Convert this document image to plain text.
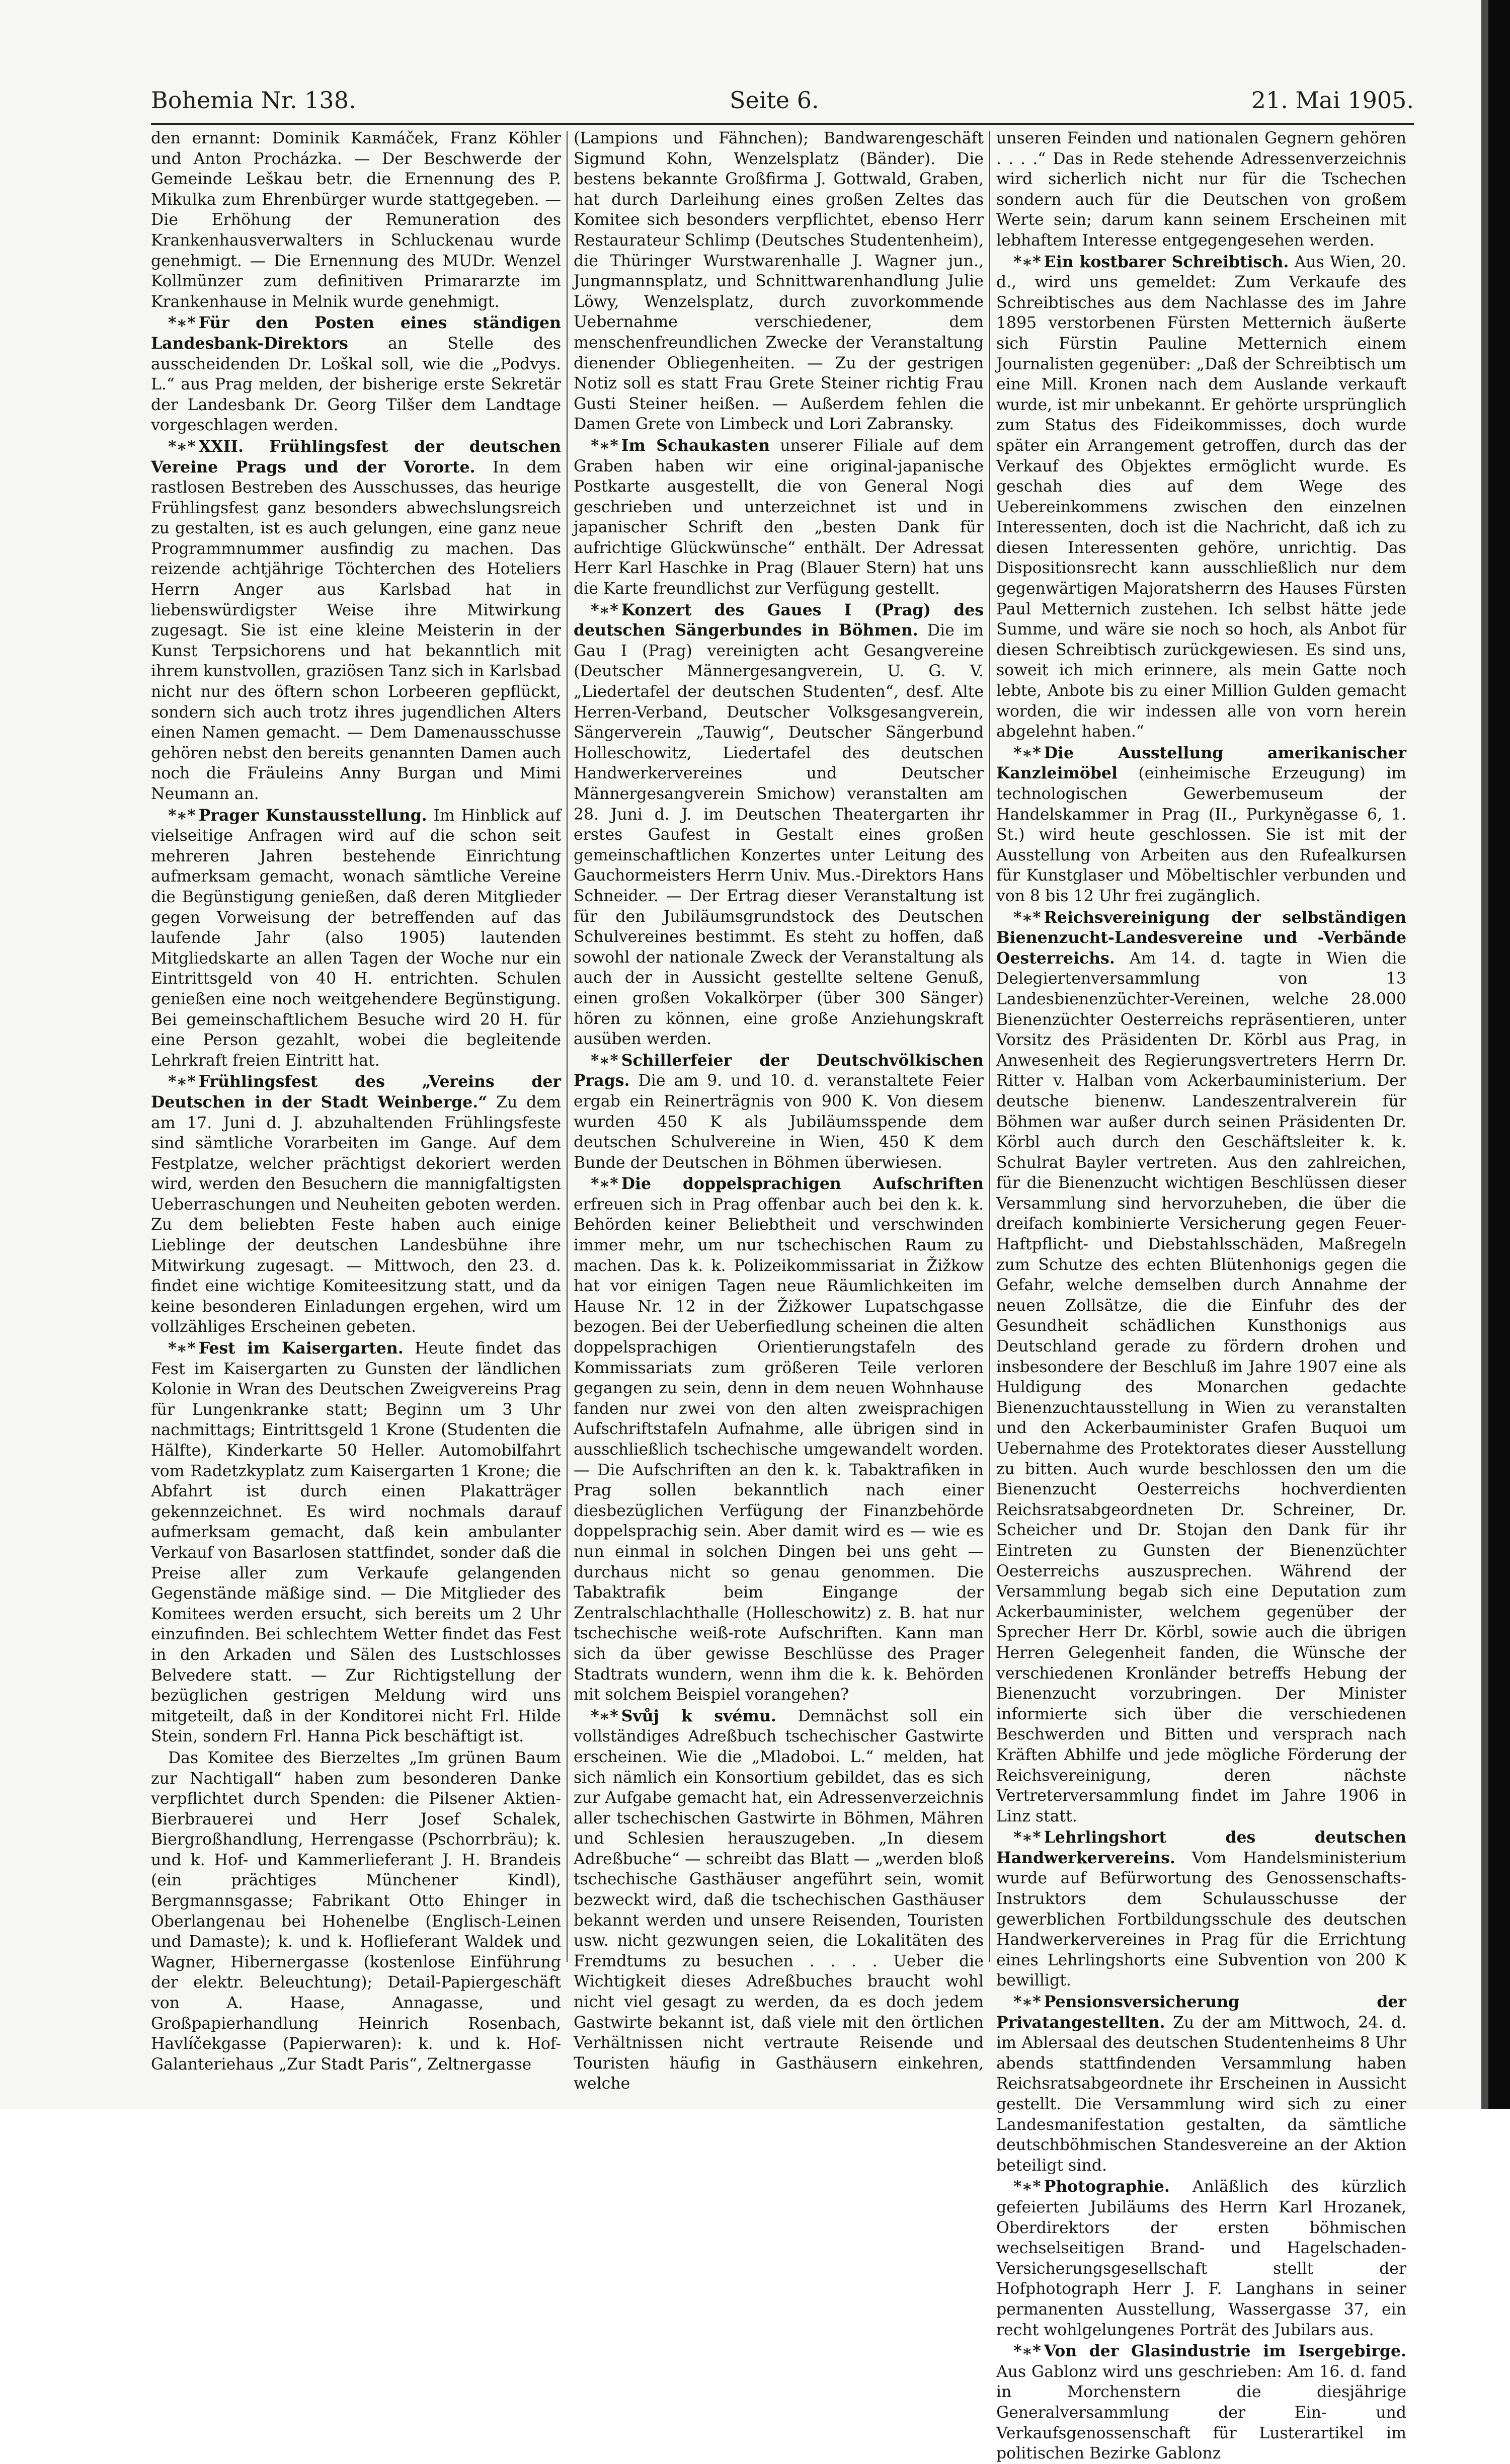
Bohemia Nr. 138.	Seite 6.	21. Mai 1905.

den ernannt: Dominik Kaʀmáček, Franz Köhler und Anton Procházka. — Der Beschwerde der Gemeinde Leškau betr. die Ernennung des P. Mikulka zum Ehrenbürger wurde stattgegeben. — Die Erhöhung der Remuneration des Krankenhausverwalters in Schluckenau wurde genehmigt. — Die Ernennung des MUDr. Wenzel Kollmünzer zum definitiven Primararzte im Krankenhause in Melnik wurde genehmigt.

*∗* Für den Posten eines ständigen Landesbank-Direktors	an Stelle des ausscheidenden Dr. Loškal soll, wie die „Podvys. L.“ aus Prag melden, der bisherige erste Sekretär der Landesbank Dr. Georg Tilšer dem Landtage vorgeschlagen werden.

*∗* XXII. Frühlingsfest der deutschen Vereine Prags und der Vororte. In dem rastlosen Bestreben des Ausschusses, das heurige Frühlingsfest ganz besonders abwechslungsreich zu gestalten, ist es auch gelungen, eine ganz neue Programmnummer ausfindig zu machen. Das reizende achtjährige Töchterchen des Hoteliers Herrn Anger aus Karlsbad hat in liebenswürdigster Weise ihre Mitwirkung zugesagt. Sie ist eine kleine Meisterin in der Kunst Terpsichorens und hat bekanntlich mit ihrem kunstvollen, graziösen Tanz sich in Karlsbad nicht nur des öftern schon Lorbeeren gepflückt, sondern sich auch trotz ihres jugendlichen Alters einen Namen gemacht. — Dem Damenausschusse gehören nebst den bereits genannten Damen auch noch die Fräuleins Anny Burgan und Mimi Neumann an.

*∗* Prager Kunstausstellung. Im Hinblick auf vielseitige Anfragen wird auf die schon seit mehreren Jahren bestehende Einrichtung aufmerksam gemacht, wonach sämtliche Vereine die Begünstigung genießen, daß deren Mitglieder gegen Vorweisung der betreffenden auf das laufende Jahr (also 1905) lautenden Mitgliedskarte an allen Tagen der Woche nur ein Eintrittsgeld von 40 H. entrichten. Schulen genießen eine noch weitgehendere Begünstigung. Bei gemeinschaftlichem Besuche wird 20 H. für eine Person gezahlt, wobei die begleitende Lehrkraft freien Eintritt hat.

*∗* Frühlingsfest des „Vereins der Deutschen in der Stadt Weinberge.“ Zu dem am 17. Juni d. J. abzuhaltenden Frühlingsfeste sind sämtliche Vorarbeiten im Gange. Auf dem Festplatze, welcher prächtigst dekoriert werden wird, werden den Besuchern die mannigfaltigsten Ueberraschungen und Neuheiten geboten werden. Zu dem beliebten Feste haben auch einige Lieblinge der deutschen Landesbühne ihre Mitwirkung zugesagt. — Mittwoch, den 23. d. findet eine wichtige Komiteesitzung statt, und da keine besonderen Einladungen ergehen, wird um vollzähliges Erscheinen gebeten.

*∗* Fest im Kaisergarten. Heute findet das Fest im Kaisergarten zu Gunsten der ländlichen Kolonie in Wran des Deutschen Zweigvereins Prag für Lungenkranke statt; Beginn um 3 Uhr nachmittags; Eintrittsgeld 1 Krone (Studenten die Hälfte), Kinderkarte 50 Heller. Automobilfahrt vom Radetzkyplatz zum Kaisergarten 1 Krone; die Abfahrt ist durch einen Plakatträger gekennzeichnet. Es wird nochmals darauf aufmerksam gemacht, daß kein ambulanter Verkauf von Basarlosen stattfindet, sonder daß die Preise aller zum Verkaufe gelangenden Gegenstände mäßige sind. — Die Mitglieder des Komitees werden ersucht, sich bereits um 2 Uhr einzufinden. Bei schlechtem Wetter findet das Fest in den Arkaden und Sälen des Lustschlosses Belvedere statt. — Zur Richtigstellung der bezüglichen gestrigen Meldung wird uns mitgeteilt, daß in der Konditorei nicht Frl. Hilde Stein, sondern Frl. Hanna Pick beschäftigt ist.

Das Komitee des Bierzeltes „Im grünen Baum zur Nachtigall“ haben zum besonderen Danke verpflichtet durch Spenden: die Pilsener Aktien-Bierbrauerei und Herr Josef Schalek, Biergroßhandlung, Herrengasse (Pschorrbräu); k. und k. Hof- und Kammerlieferant J. H. Brandeis (ein prächtiges Münchener Kindl), Bergmannsgasse; Fabrikant Otto Ehinger in Oberlangenau bei Hohenelbe (Englisch-Leinen und Damaste); k. und k. Hoflieferant Waldek und Wagner, Hibernergasse (kostenlose Einführung der elektr. Beleuchtung); Detail-Papiergeschäft von A. Haase, Annagasse, und Großpapierhandlung Heinrich Rosenbach, Havlíčekgasse (Papierwaren): k. und k. Hof-Galanteriehaus „Zur Stadt Paris“, Zeltnergasse

(Lampions und Fähnchen); Bandwarengeschäft Sigmund Kohn, Wenzelsplatz (Bänder). Die bestens bekannte Großfirma J. Gottwald, Graben, hat durch Darleihung eines großen Zeltes das Komitee sich besonders verpflichtet, ebenso Herr Restaurateur Schlimp (Deutsches Studentenheim), die Thüringer Wurstwarenhalle J. Wagner jun., Jungmannsplatz, und Schnittwarenhandlung Julie Löwy, Wenzelsplatz, durch zuvorkommende Uebernahme verschiedener, dem menschenfreundlichen Zwecke der Veranstaltung dienender Obliegenheiten. — Zu der gestrigen Notiz soll es statt Frau Grete Steiner richtig Frau Gusti Steiner heißen. — Außerdem fehlen die Damen Grete von Limbeck und Lori Zabransky.

*∗* Im Schaukasten unserer Filiale auf dem Graben haben wir eine original-japanische Postkarte ausgestellt, die von General Nogi geschrieben und unterzeichnet ist und in japanischer Schrift den „besten Dank für aufrichtige Glückwünsche“ enthält. Der Adressat Herr Karl Haschke in Prag (Blauer Stern) hat uns die Karte freundlichst zur Verfügung gestellt.

*∗* Konzert des Gaues I (Prag) des deutschen Sängerbundes in Böhmen. Die im Gau I (Prag) vereinigten acht Gesangvereine (Deutscher Männergesangverein, U. G. V. „Liedertafel der deutschen Studenten“, desf. Alte Herren-Verband, Deutscher Volksgesangverein, Sängerverein „Tauwig“, Deutscher Sängerbund Holleschowitz, Liedertafel des deutschen Handwerkervereines und Deutscher Männergesangverein Smichow) veranstalten am 28. Juni d. J. im Deutschen Theatergarten ihr erstes Gaufest in Gestalt eines großen gemeinschaftlichen Konzertes unter Leitung des Gauchormeisters Herrn Univ. Mus.-Direktors Hans Schneider. — Der Ertrag dieser Veranstaltung ist für den Jubiläumsgrundstock des Deutschen Schulvereines bestimmt. Es steht zu hoffen, daß sowohl der nationale Zweck der Veranstaltung als auch der in Aussicht gestellte seltene Genuß, einen großen Vokalkörper (über 300 Sänger) hören zu können, eine große Anziehungskraft ausüben werden.

*∗* Schillerfeier der Deutschvölkischen Prags. Die am 9. und 10. d. veranstaltete Feier ergab ein Reinerträgnis von 900 K. Von diesem wurden 450 K als Jubiläumsspende dem deutschen Schulvereine in Wien, 450 K dem Bunde der Deutschen in Böhmen überwiesen.

*∗* Die doppelsprachigen Aufschriften erfreuen sich in Prag offenbar auch bei den k. k. Behörden keiner Beliebtheit und verschwinden immer mehr, um nur tschechischen Raum zu machen. Das k. k. Polizeikommissariat in Žižkow hat vor einigen Tagen neue Räumlichkeiten im Hause Nr. 12 in der Žižkower Lupatschgasse bezogen. Bei der Ueberfiedlung scheinen die alten doppelsprachigen Orientierungstafeln des Kommissariats zum größeren Teile verloren gegangen zu sein, denn in dem neuen Wohnhause fanden nur zwei von den alten zweisprachigen Aufschriftstafeln Aufnahme, alle übrigen sind in ausschließlich tschechische umgewandelt worden. — Die Aufschriften an den k. k. Tabaktrafiken in Prag sollen bekanntlich nach einer diesbezüglichen Verfügung der Finanzbehörde doppelsprachig sein. Aber damit wird es — wie es nun einmal in solchen Dingen bei uns geht — durchaus nicht so genau genommen. Die Tabaktrafik beim Eingange der Zentralschlachthalle (Holleschowitz) z. B. hat nur tschechische weiß-rote Aufschriften. Kann man sich da über gewisse Beschlüsse des Prager Stadtrats wundern, wenn ihm die k. k. Behörden mit solchem Beispiel vorangehen?

*∗* Svůj k svému. Demnächst soll ein vollständiges Adreßbuch tschechischer Gastwirte erscheinen. Wie die „Mladoboi. L.“ melden, hat sich nämlich ein Konsortium gebildet, das es sich zur Aufgabe gemacht hat, ein Adressenverzeichnis aller tschechischen Gastwirte in Böhmen, Mähren und Schlesien herauszugeben. „In diesem Adreßbuche“ — schreibt das Blatt — „werden bloß tschechische Gasthäuser angeführt sein, womit bezweckt wird, daß die tschechischen Gasthäuser bekannt werden und unsere Reisenden, Touristen usw. nicht gezwungen seien, die Lokalitäten des Fremdtums zu besuchen . . . . Ueber die Wichtigkeit dieses Adreßbuches braucht wohl nicht viel gesagt zu werden, da es doch jedem Gastwirte bekannt ist, daß viele mit den örtlichen Verhältnissen nicht vertraute Reisende und Touristen häufig in Gasthäusern einkehren, welche

unseren Feinden und nationalen Gegnern gehören . . . .“ Das in Rede stehende Adressenverzeichnis wird sicherlich nicht nur für die Tschechen sondern auch für die Deutschen von großem Werte sein; darum kann seinem Erscheinen mit lebhaftem Interesse entgegengesehen werden.

*∗* Ein kostbarer Schreibtisch. Aus Wien, 20. d., wird uns gemeldet: Zum Verkaufe des Schreibtisches aus dem Nachlasse des im Jahre 1895 verstorbenen Fürsten Metternich äußerte sich Fürstin Pauline Metternich einem Journalisten gegenüber: „Daß der Schreibtisch um eine Mill. Kronen nach dem Auslande verkauft wurde, ist mir unbekannt. Er gehörte ursprünglich zum Status des Fideikommisses, doch wurde später ein Arrangement getroffen, durch das der Verkauf des Objektes ermöglicht wurde. Es geschah dies auf dem Wege des Uebereinkommens zwischen den einzelnen Interessenten, doch ist die Nachricht, daß ich zu diesen Interessenten gehöre, unrichtig. Das Dispositionsrecht kann ausschließlich nur dem gegenwärtigen Majoratsherrn des Hauses Fürsten Paul Metternich zustehen. Ich selbst hätte jede Summe, und wäre sie noch so hoch, als Anbot für diesen Schreibtisch zurückgewiesen. Es sind uns, soweit ich mich erinnere, als mein Gatte noch lebte, Anbote bis zu einer Million Gulden gemacht worden, die wir indessen alle von vorn herein abgelehnt haben.“

*∗* Die Ausstellung amerikanischer Kanzleimöbel (einheimische Erzeugung) im technologischen Gewerbemuseum der Handelskammer in Prag (II., Purkyněgasse 6, 1. St.) wird heute geschlossen. Sie ist mit der Ausstellung von Arbeiten aus den Rufealkursen für Kunstglaser und Möbeltischler verbunden und von 8 bis 12 Uhr frei zugänglich.

*∗* Reichsvereinigung der selbständigen Bienenzucht-Landesvereine und -Verbände Oesterreichs. Am 14. d. tagte in Wien die Delegiertenversammlung von 13 Landesbienenzüchter-Vereinen, welche 28.000 Bienenzüchter Oesterreichs repräsentieren, unter Vorsitz des Präsidenten Dr. Körbl aus Prag, in Anwesenheit des Regierungsvertreters Herrn Dr. Ritter v. Halban vom Ackerbauministerium. Der deutsche bienenw. Landeszentralverein für Böhmen war außer durch seinen Präsidenten Dr. Körbl auch durch den Geschäftsleiter k. k. Schulrat Bayler vertreten. Aus den zahlreichen, für die Bienenzucht wichtigen Beschlüssen dieser Versammlung sind hervorzuheben, die über die dreifach kombinierte Versicherung gegen Feuer-Haftpflicht- und Diebstahlsschäden, Maßregeln zum Schutze des echten Blütenhonigs gegen die Gefahr, welche demselben durch Annahme der neuen Zollsätze, die die Einfuhr des der Gesundheit schädlichen Kunsthonigs aus Deutschland gerade zu fördern drohen und insbesondere der Beschluß im Jahre 1907 eine als Huldigung des Monarchen gedachte Bienenzuchtausstellung in Wien zu veranstalten und den Ackerbauminister Grafen Buquoi um Uebernahme des Protektorates dieser Ausstellung zu bitten. Auch wurde beschlossen den um die Bienenzucht Oesterreichs hochverdienten Reichsratsabgeordneten Dr. Schreiner, Dr. Scheicher und Dr. Stojan den Dank für ihr Eintreten zu Gunsten der Bienenzüchter Oesterreichs auszusprechen. Während der Versammlung begab sich eine Deputation zum Ackerbauminister, welchem gegenüber der Sprecher Herr Dr. Körbl, sowie auch die übrigen Herren Gelegenheit fanden, die Wünsche der verschiedenen Kronländer betreffs Hebung der Bienenzucht vorzubringen. Der Minister informierte sich über die verschiedenen Beschwerden und Bitten und versprach nach Kräften Abhilfe und jede mögliche Förderung der Reichsvereinigung, deren nächste Vertreterversammlung findet im Jahre 1906 in Linz statt.

*∗* Lehrlingshort des deutschen Handwerkervereins. Vom Handelsministerium wurde auf Befürwortung des Genossenschafts-Instruktors dem Schulausschusse der gewerblichen Fortbildungsschule des deutschen Handwerkervereines in Prag für die Errichtung eines Lehrlingshorts eine Subvention von 200 K bewilligt.

*∗* Pensionsversicherung der Privatangestellten. Zu der am Mittwoch, 24. d. im Ablersaal des deutschen Studentenheims 8 Uhr abends stattfindenden Versammlung haben Reichsratsabgeordnete ihr Erscheinen in Aussicht gestellt. Die Versammlung wird sich zu einer Landesmanifestation gestalten, da sämtliche deutschböhmischen Standesvereine an der Aktion beteiligt sind.

*∗* Photographie. Anläßlich des kürzlich gefeierten Jubiläums des Herrn Karl Hrozanek, Oberdirektors der ersten böhmischen wechselseitigen Brand- und Hagelschaden-Versicherungsgesellschaft stellt der Hofphotograph Herr J. F. Langhans in seiner permanenten Ausstellung, Wassergasse 37, ein recht wohlgelungenes Porträt des Jubilars aus.

*∗* Von der Glasindustrie im Isergebirge. Aus Gablonz wird uns geschrieben: Am 16. d. fand in Morchenstern die diesjährige Generalversammlung der Ein- und Verkaufsgenossenschaft für Lusterartikel im politischen Bezirke Gablonz
